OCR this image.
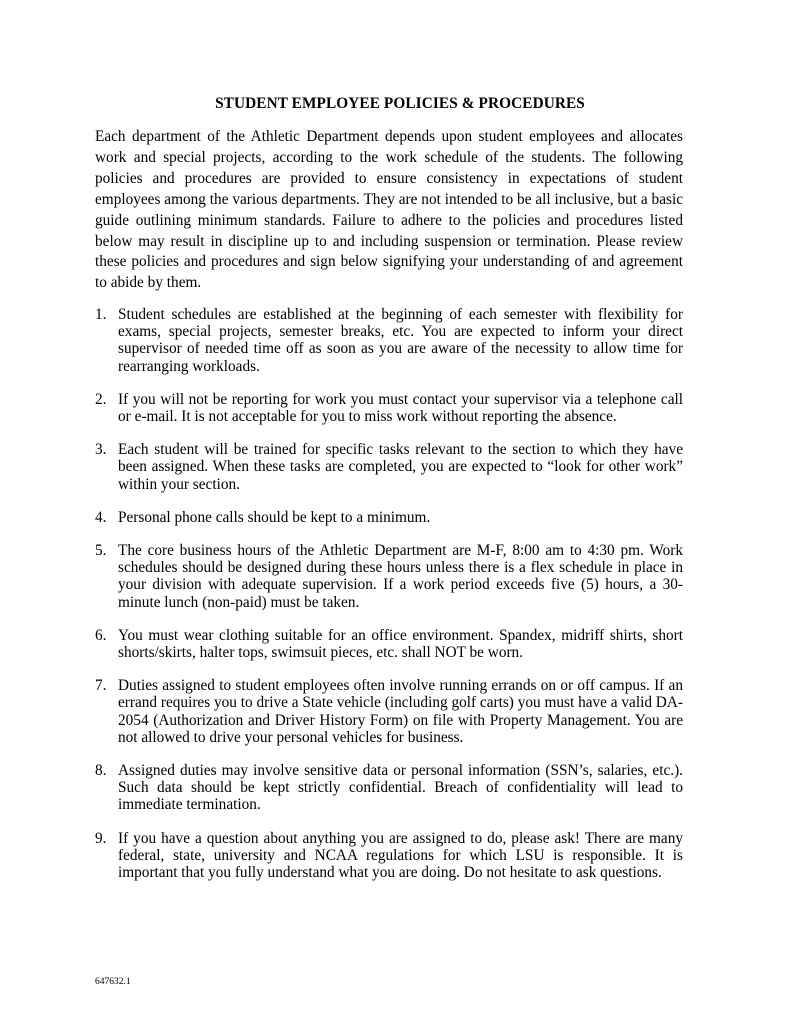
STUDENT EMPLOYEE POLICIES & PROCEDURES

Each department of the Athletic Department depends upon student employees and allocates work and special projects, according to the work schedule of the students. The following policies and procedures are provided to ensure consistency in expectations of student employees among the various departments. They are not intended to be all inclusive, but a basic guide outlining minimum standards. Failure to adhere to the policies and procedures listed below may result in discipline up to and including suspension or termination. Please review these policies and procedures and sign below signifying your understanding of and agreement to abide by them.

1. Student schedules are established at the beginning of each semester with flexibility for exams, special projects, semester breaks, etc. You are expected to inform your direct supervisor of needed time off as soon as you are aware of the necessity to allow time for rearranging workloads.
2. If you will not be reporting for work you must contact your supervisor via a telephone call or e-mail. It is not acceptable for you to miss work without reporting the absence.
3. Each student will be trained for specific tasks relevant to the section to which they have been assigned. When these tasks are completed, you are expected to “look for other work” within your section.
4. Personal phone calls should be kept to a minimum.
5. The core business hours of the Athletic Department are M-F, 8:00 am to 4:30 pm. Work schedules should be designed during these hours unless there is a flex schedule in place in your division with adequate supervision. If a work period exceeds five (5) hours, a 30-minute lunch (non-paid) must be taken.
6. You must wear clothing suitable for an office environment. Spandex, midriff shirts, short shorts/skirts, halter tops, swimsuit pieces, etc. shall NOT be worn.
7. Duties assigned to student employees often involve running errands on or off campus. If an errand requires you to drive a State vehicle (including golf carts) you must have a valid DA-2054 (Authorization and Driver History Form) on file with Property Management. You are not allowed to drive your personal vehicles for business.
8. Assigned duties may involve sensitive data or personal information (SSN’s, salaries, etc.). Such data should be kept strictly confidential. Breach of confidentiality will lead to immediate termination.
9. If you have a question about anything you are assigned to do, please ask! There are many federal, state, university and NCAA regulations for which LSU is responsible. It is important that you fully understand what you are doing. Do not hesitate to ask questions.
647632.1
